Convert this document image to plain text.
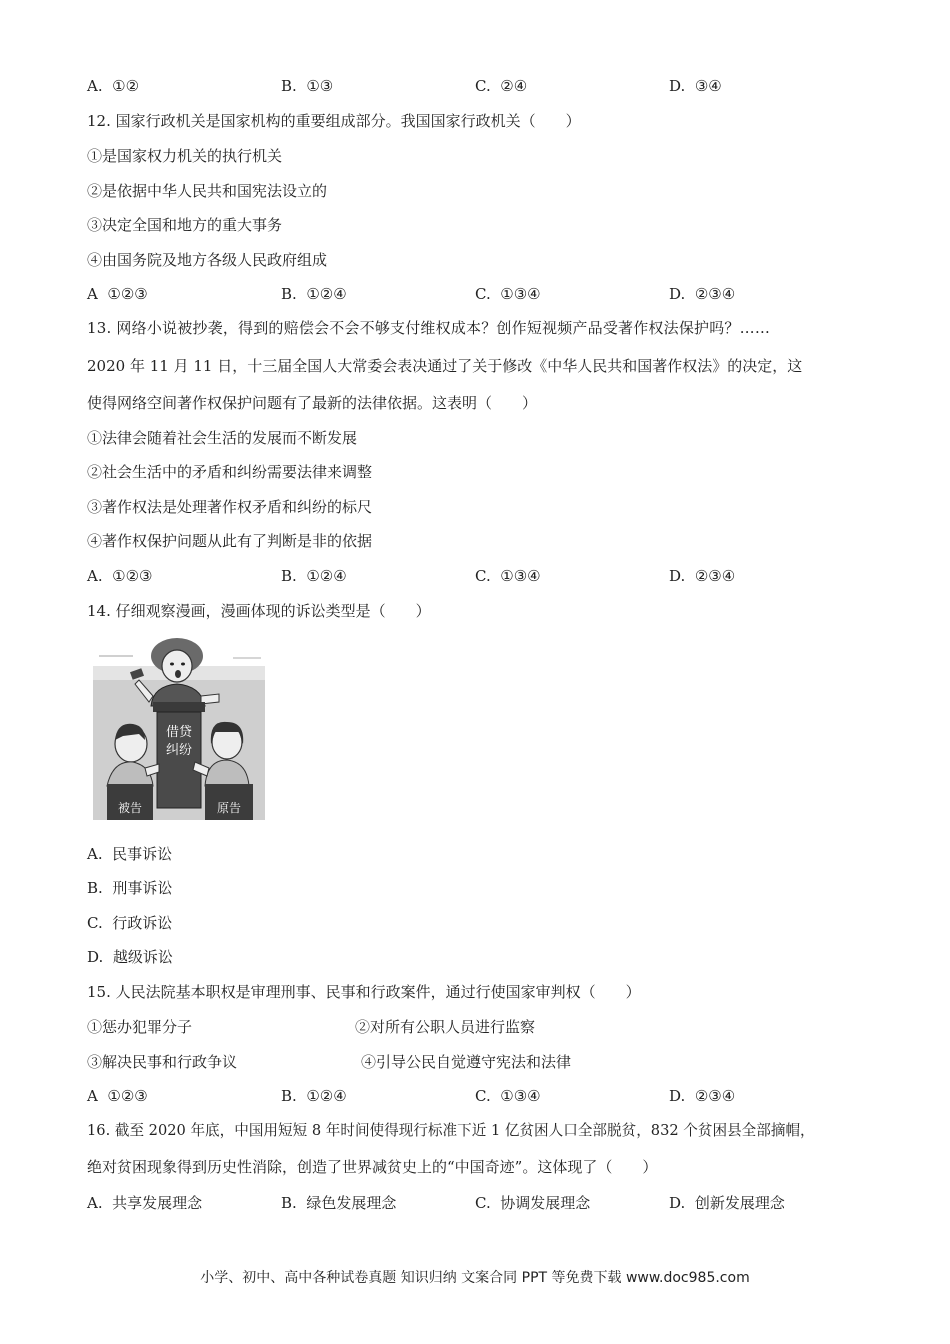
A. ①②	B. ①③	C. ②④	D. ③④
12. 国家行政机关是国家机构的重要组成部分。我国国家行政机关（　　）
①是国家权力机关的执行机关
②是依据中华人民共和国宪法设立的
③决定全国和地方的重大事务
④由国务院及地方各级人民政府组成
A ①②③	B. ①②④	C. ①③④	D. ②③④
13. 网络小说被抄袭，得到的赔偿会不会不够支付维权成本？创作短视频产品受著作权法保护吗？……
2020 年 11 月 11 日，十三届全国人大常委会表决通过了关于修改《中华人民共和国著作权法》的决定，这
使得网络空间著作权保护问题有了最新的法律依据。这表明（　　）
①法律会随着社会生活的发展而不断发展
②社会生活中的矛盾和纠纷需要法律来调整
③著作权法是处理著作权矛盾和纠纷的标尺
④著作权保护问题从此有了判断是非的依据
A. ①②③	B. ①②④	C. ①③④	D. ②③④
14. 仔细观察漫画，漫画体现的诉讼类型是（　　）
借贷
纠纷
被告	原告
A. 民事诉讼
B. 刑事诉讼
C. 行政诉讼
D. 越级诉讼
15. 人民法院基本职权是审理刑事、民事和行政案件，通过行使国家审判权（　　）
①惩办犯罪分子	②对所有公职人员进行监察
③解决民事和行政争议	④引导公民自觉遵守宪法和法律
A ①②③	B. ①②④	C. ①③④	D. ②③④
16. 截至 2020 年底，中国用短短 8 年时间使得现行标准下近 1 亿贫困人口全部脱贫，832 个贫困县全部摘帽，
绝对贫困现象得到历史性消除，创造了世界减贫史上的“中国奇迹”。这体现了（　　）
A. 共享发展理念	B. 绿色发展理念	C. 协调发展理念	D. 创新发展理念
小学、初中、高中各种试卷真题 知识归纳 文案合同 PPT 等免费下载 www.doc985.com
